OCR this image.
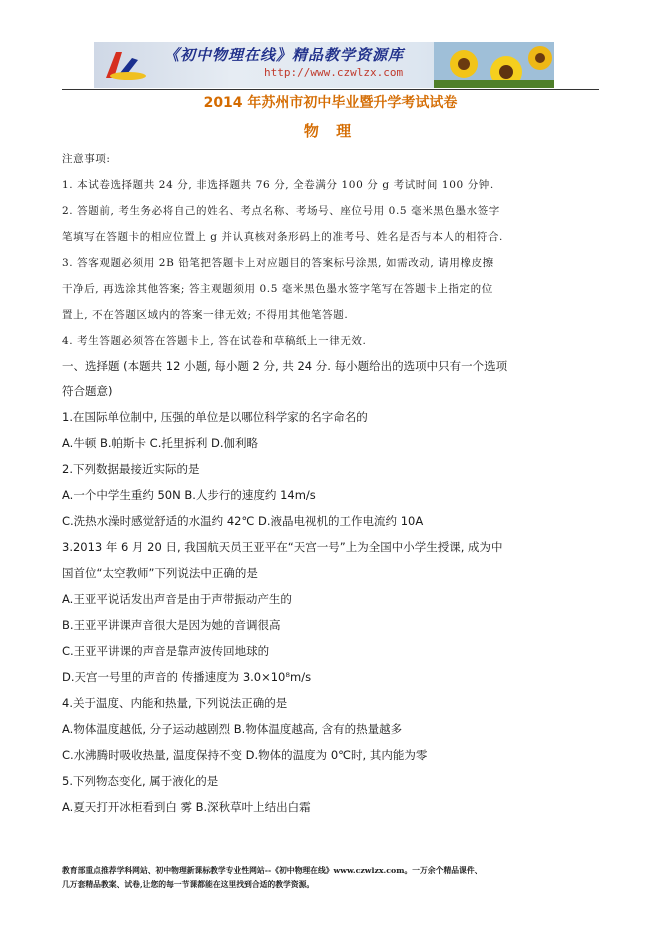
《初中物理在线》精品教学资源库
http://www.czwlzx.com
2014 年苏州市初中毕业暨升学考试试卷
物 理
注意事项:
1. 本试卷选择题共 24 分, 非选择题共 76 分, 全卷满分 100 分 g 考试时间 100 分钟.
2. 答题前, 考生务必将自己的姓名、考点名称、考场号、座位号用 0.5 毫米黑色墨水签字
笔填写在答题卡的相应位置上 g 并认真核对条形码上的准考号、姓名是否与本人的相符合.
3. 答客观题必须用 2B 铅笔把答题卡上对应题目的答案标号涂黑, 如需改动, 请用橡皮擦
干净后, 再选涂其他答案; 答主观题须用 0.5 毫米黑色墨水签字笔写在答题卡上指定的位
置上, 不在答题区域内的答案一律无效; 不得用其他笔答题.
4. 考生答题必须答在答题卡上, 答在试卷和草稿纸上一律无效.
一、选择题 (本题共 12 小题, 每小题 2 分, 共 24 分. 每小题给出的选项中只有一个选项
符合题意)
1.在国际单位制中, 压强的单位是以哪位科学家的名字命名的
A.牛顿 B.帕斯卡 C.托里拆利 D.伽利略
2.下列数据最接近实际的是
A.一个中学生重约 50N B.人步行的速度约 14m/s
C.洗热水澡时感觉舒适的水温约 42℃ D.液晶电视机的工作电流约 10A
3.2013 年 6 月 20 日, 我国航天员王亚平在“天宫一号”上为全国中小学生授课, 成为中
国首位“太空教师”下列说法中正确的是
A.王亚平说话发出声音是由于声带振动产生的
B.王亚平讲课声音很大是因为她的音调很高
C.王亚平讲课的声音是靠声波传回地球的
D.天宫一号里的声音的 传播速度为 3.0×10⁸m/s
4.关于温度、内能和热量, 下列说法正确的是
A.物体温度越低, 分子运动越剧烈 B.物体温度越高, 含有的热量越多
C.水沸腾时吸收热量, 温度保持不变 D.物体的温度为 0℃时, 其内能为零
5.下列物态变化, 属于液化的是
A.夏天打开冰柜看到白 雾 B.深秋草叶上结出白霜
教育部重点推荐学科网站、初中物理新课标教学专业性网站--《初中物理在线》www.czwlzx.com。一万余个精品课件、
几万套精品教案、试卷,让您的每一节课都能在这里找到合适的教学资源。
